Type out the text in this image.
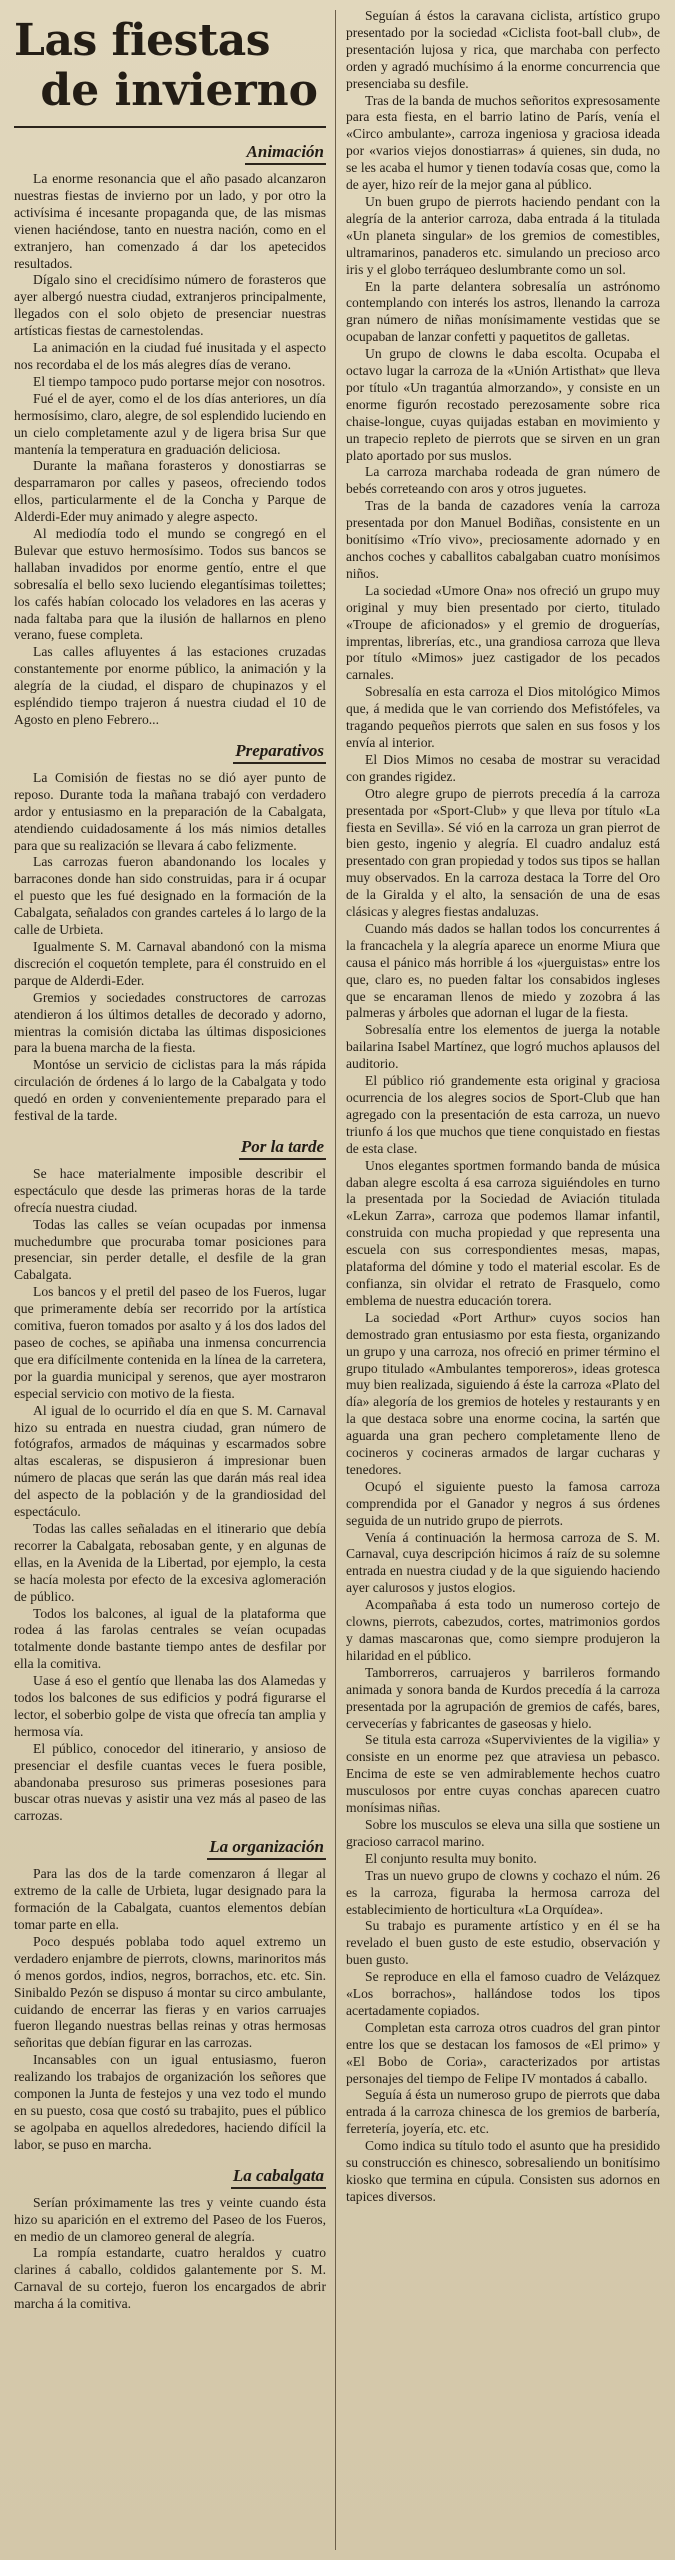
Las fiestas
de invierno
Animación

La enorme resonancia que el año pasado alcanzaron nuestras fiestas de invierno por un lado, y por otro la activísima é incesante propaganda que, de las mismas vienen haciéndose, tanto en nuestra nación, como en el extranjero, han comenzado á dar los apetecidos resultados.

Dígalo sino el crecidísimo número de forasteros que ayer albergó nuestra ciudad, extranjeros principalmente, llegados con el solo objeto de presenciar nuestras artísticas fiestas de carnestolendas.

La animación en la ciudad fué inusitada y el aspecto nos recordaba el de los más alegres días de verano.

El tiempo tampoco pudo portarse mejor con nosotros.

Fué el de ayer, como el de los días anteriores, un día hermosísimo, claro, alegre, de sol esplendido luciendo en un cielo completamente azul y de ligera brisa Sur que mantenía la temperatura en graduación deliciosa.

Durante la mañana forasteros y donostiarras se desparramaron por calles y paseos, ofreciendo todos ellos, particularmente el de la Concha y Parque de Alderdi-Eder muy animado y alegre aspecto.

Al mediodía todo el mundo se congregó en el Bulevar que estuvo hermosísimo. Todos sus bancos se hallaban invadidos por enorme gentío, entre el que sobresalía el bello sexo luciendo elegantísimas toilettes; los cafés habían colocado los veladores en las aceras y nada faltaba para que la ilusión de hallarnos en pleno verano, fuese completa.

Las calles afluyentes á las estaciones cruzadas constantemente por enorme público, la animación y la alegría de la ciudad, el disparo de chupinazos y el espléndido tiempo trajeron á nuestra ciudad el 10 de Agosto en pleno Febrero...

Preparativos

La Comisión de fiestas no se dió ayer punto de reposo. Durante toda la mañana trabajó con verdadero ardor y entusiasmo en la preparación de la Cabalgata, atendiendo cuidadosamente á los más nimios detalles para que su realización se llevara á cabo felizmente.

Las carrozas fueron abandonando los locales y barracones donde han sido construidas, para ir á ocupar el puesto que les fué designado en la formación de la Cabalgata, señalados con grandes carteles á lo largo de la calle de Urbieta.

Igualmente S. M. Carnaval abandonó con la misma discreción el coquetón templete, para él construido en el parque de Alderdi-Eder.

Gremios y sociedades constructores de carrozas atendieron á los últimos detalles de decorado y adorno, mientras la comisión dictaba las últimas disposiciones para la buena marcha de la fiesta.

Montóse un servicio de ciclistas para la más rápida circulación de órdenes á lo largo de la Cabalgata y todo quedó en orden y convenientemente preparado para el festival de la tarde.

Por la tarde

Se hace materialmente imposible describir el espectáculo que desde las primeras horas de la tarde ofrecía nuestra ciudad.

Todas las calles se veían ocupadas por inmensa muchedumbre que procuraba tomar posiciones para presenciar, sin perder detalle, el desfile de la gran Cabalgata.

Los bancos y el pretil del paseo de los Fueros, lugar que primeramente debía ser recorrido por la artística comitiva, fueron tomados por asalto y á los dos lados del paseo de coches, se apiñaba una inmensa concurrencia que era difícilmente contenida en la línea de la carretera, por la guardia municipal y serenos, que ayer mostraron especial servicio con motivo de la fiesta.

Al igual de lo ocurrido el día en que S. M. Carnaval hizo su entrada en nuestra ciudad, gran número de fotógrafos, armados de máquinas y escarmados sobre altas escaleras, se dispusieron á impresionar buen número de placas que serán las que darán más real idea del aspecto de la población y de la grandiosidad del espectáculo.

Todas las calles señaladas en el itinerario que debía recorrer la Cabalgata, rebosaban gente, y en algunas de ellas, en la Avenida de la Libertad, por ejemplo, la cesta se hacía molesta por efecto de la excesiva aglomeración de público.

Todos los balcones, al igual de la plataforma que rodea á las farolas centrales se veían ocupadas totalmente donde bastante tiempo antes de desfilar por ella la comitiva.

Uase á eso el gentío que llenaba las dos Alamedas y todos los balcones de sus edificios y podrá figurarse el lector, el soberbio golpe de vista que ofrecía tan amplia y hermosa vía.

El público, conocedor del itinerario, y ansioso de presenciar el desfile cuantas veces le fuera posible, abandonaba presuroso sus primeras posesiones para buscar otras nuevas y asistir una vez más al paseo de las carrozas.

La organización

Para las dos de la tarde comenzaron á llegar al extremo de la calle de Urbieta, lugar designado para la formación de la Cabalgata, cuantos elementos debían tomar parte en ella.

Poco después poblaba todo aquel extremo un verdadero enjambre de pierrots, clowns, marinoritos más ó menos gordos, indios, negros, borrachos, etc. etc. Sin. Sinibaldo Pezón se dispuso á montar su circo ambulante, cuidando de encerrar las fieras y en varios carruajes fueron llegando nuestras bellas reinas y otras hermosas señoritas que debían figurar en las carrozas.

Incansables con un igual entusiasmo, fueron realizando los trabajos de organización los señores que componen la Junta de festejos y una vez todo el mundo en su puesto, cosa que costó su trabajito, pues el público se agolpaba en aquellos alrededores, haciendo difícil la labor, se puso en marcha.

La cabalgata

Serían próximamente las tres y veinte cuando ésta hizo su aparición en el extremo del Paseo de los Fueros, en medio de un clamoreo general de alegría.

La rompía estandarte, cuatro heraldos y cuatro clarines á caballo, coldidos galantemente por S. M. Carnaval de su cortejo, fueron los encargados de abrir marcha á la comitiva.

Seguían á éstos la caravana ciclista, artístico grupo presentado por la sociedad «Ciclista foot-ball club», de presentación lujosa y rica, que marchaba con perfecto orden y agradó muchísimo á la enorme concurrencia que presenciaba su desfile.

Tras de la banda de muchos señoritos expresosamente para esta fiesta, en el barrio latino de París, venía el «Circo ambulante», carroza ingeniosa y graciosa ideada por «varios viejos donostiarras» á quienes, sin duda, no se les acaba el humor y tienen todavía cosas que, como la de ayer, hizo reír de la mejor gana al público.

Un buen grupo de pierrots haciendo pendant con la alegría de la anterior carroza, daba entrada á la titulada «Un planeta singular» de los gremios de comestibles, ultramarinos, panaderos etc. simulando un precioso arco iris y el globo terráqueo deslumbrante como un sol.

En la parte delantera sobresalía un astrónomo contemplando con interés los astros, llenando la carroza gran número de niñas monísimamente vestidas que se ocupaban de lanzar confetti y paquetitos de galletas.

Un grupo de clowns le daba escolta. Ocupaba el octavo lugar la carroza de la «Unión Artisthat» que lleva por título «Un tragantúa almorzando», y consiste en un enorme figurón recostado perezosamente sobre rica chaise-longue, cuyas quijadas estaban en movimiento y un trapecio repleto de pierrots que se sirven en un gran plato aportado por sus muslos.

La carroza marchaba rodeada de gran número de bebés correteando con aros y otros juguetes.

Tras de la banda de cazadores venía la carroza presentada por don Manuel Bodiñas, consistente en un bonitísimo «Trío vivo», preciosamente adornado y en anchos coches y caballitos cabalgaban cuatro monísimos niños.

La sociedad «Umore Ona» nos ofreció un grupo muy original y muy bien presentado por cierto, titulado «Troupe de aficionados» y el gremio de droguerías, imprentas, librerías, etc., una grandiosa carroza que lleva por título «Mimos» juez castigador de los pecados carnales.

Sobresalía en esta carroza el Dios mitológico Mimos que, á medida que le van corriendo dos Mefistófeles, va tragando pequeños pierrots que salen en sus fosos y los envía al interior.

El Dios Mimos no cesaba de mostrar su veracidad con grandes rigidez.

Otro alegre grupo de pierrots precedía á la carroza presentada por «Sport-Club» y que lleva por título «La fiesta en Sevilla». Sé vió en la carroza un gran pierrot de bien gesto, ingenio y alegría. El cuadro andaluz está presentado con gran propiedad y todos sus tipos se hallan muy observados. En la carroza destaca la Torre del Oro de la Giralda y el alto, la sensación de una de esas clásicas y alegres fiestas andaluzas.

Cuando más dados se hallan todos los concurrentes á la francachela y la alegría aparece un enorme Miura que causa el pánico más horrible á los «juerguistas» entre los que, claro es, no pueden faltar los consabidos ingleses que se encaraman llenos de miedo y zozobra á las palmeras y árboles que adornan el lugar de la fiesta.

Sobresalía entre los elementos de juerga la notable bailarina Isabel Martínez, que logró muchos aplausos del auditorio.

El público rió grandemente esta original y graciosa ocurrencia de los alegres socios de Sport-Club que han agregado con la presentación de esta carroza, un nuevo triunfo á los que muchos que tiene conquistado en fiestas de esta clase.

Unos elegantes sportmen formando banda de música daban alegre escolta á esa carroza siguiéndoles en turno la presentada por la Sociedad de Aviación titulada «Lekun Zarra», carroza que podemos llamar infantil, construida con mucha propiedad y que representa una escuela con sus correspondientes mesas, mapas, plataforma del dómine y todo el material escolar. Es de confianza, sin olvidar el retrato de Frasquelo, como emblema de nuestra educación torera.

La sociedad «Port Arthur» cuyos socios han demostrado gran entusiasmo por esta fiesta, organizando un grupo y una carroza, nos ofreció en primer término el grupo titulado «Ambulantes temporeros», ideas grotesca muy bien realizada, siguiendo á éste la carroza «Plato del día» alegoría de los gremios de hoteles y restaurants y en la que destaca sobre una enorme cocina, la sartén que aguarda una gran pechero completamente lleno de cocineros y cocineras armados de largar cucharas y tenedores.

Ocupó el siguiente puesto la famosa carroza comprendida por el Ganador y negros á sus órdenes seguida de un nutrido grupo de pierrots.

Venía á continuación la hermosa carroza de S. M. Carnaval, cuya descripción hicimos á raíz de su solemne entrada en nuestra ciudad y de la que siguiendo haciendo ayer calurosos y justos elogios.

Acompañaba á esta todo un numeroso cortejo de clowns, pierrots, cabezudos, cortes, matrimonios gordos y damas mascaronas que, como siempre produjeron la hilaridad en el público.

Tamborreros, carruajeros y barrileros formando animada y sonora banda de Kurdos precedía á la carroza presentada por la agrupación de gremios de cafés, bares, cervecerías y fabricantes de gaseosas y hielo.

Se titula esta carroza «Supervivientes de la vigilia» y consiste en un enorme pez que atraviesa un pebasco. Encima de este se ven admirablemente hechos cuatro musculosos por entre cuyas conchas aparecen cuatro monísimas niñas.

Sobre los musculos se eleva una silla que sostiene un gracioso carracol marino.

El conjunto resulta muy bonito.

Tras un nuevo grupo de clowns y cochazo el núm. 26 es la carroza, figuraba la hermosa carroza del establecimiento de horticultura «La Orquídea».

Su trabajo es puramente artístico y en él se ha revelado el buen gusto de este estudio, observación y buen gusto.

Se reproduce en ella el famoso cuadro de Velázquez «Los borrachos», hallándose todos los tipos acertadamente copiados.

Completan esta carroza otros cuadros del gran pintor entre los que se destacan los famosos de «El primo» y «El Bobo de Coria», caracterizados por artistas personajes del tiempo de Felipe IV montados á caballo.

Seguía á ésta un numeroso grupo de pierrots que daba entrada á la carroza chinesca de los gremios de barbería, ferretería, joyería, etc. etc.

Como indica su título todo el asunto que ha presidido su construcción es chinesco, sobresaliendo un bonitísimo kiosko que termina en cúpula. Consisten sus adornos en tapices diversos.
